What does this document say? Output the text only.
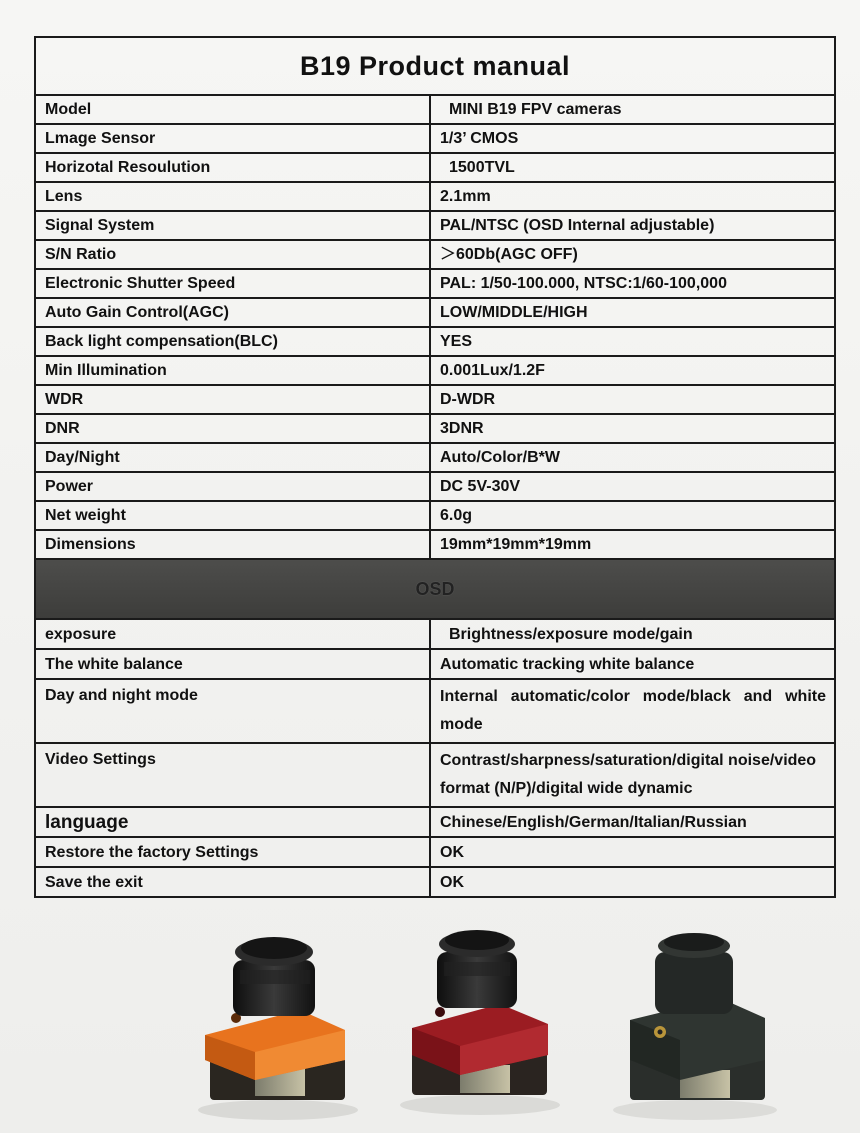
B19 Product manual	
Model	MINI B19 FPV cameras
Lmage Sensor	1/3’ CMOS
Horizotal Resoulution	1500TVL
Lens	2.1mm
Signal System	PAL/NTSC (OSD Internal adjustable)
S/N Ratio	＞60Db(AGC OFF)
Electronic Shutter Speed	PAL: 1/50-100.000, NTSC:1/60-100,000
Auto Gain Control(AGC)	LOW/MIDDLE/HIGH
Back light compensation(BLC)	YES
Min Illumination	0.001Lux/1.2F
WDR	D-WDR
DNR	3DNR
Day/Night	Auto/Color/B*W
Power	DC 5V-30V
Net weight	6.0g
Dimensions	19mm*19mm*19mm
OSD	
exposure	Brightness/exposure mode/gain
The white balance	Automatic tracking white balance
Day and night mode	Internal automatic/color mode/black and white mode
Video Settings	Contrast/sharpness/saturation/digital noise/video format (N/P)/digital wide dynamic
language	Chinese/English/German/Italian/Russian
Restore the factory Settings	OK
Save the exit	OK
